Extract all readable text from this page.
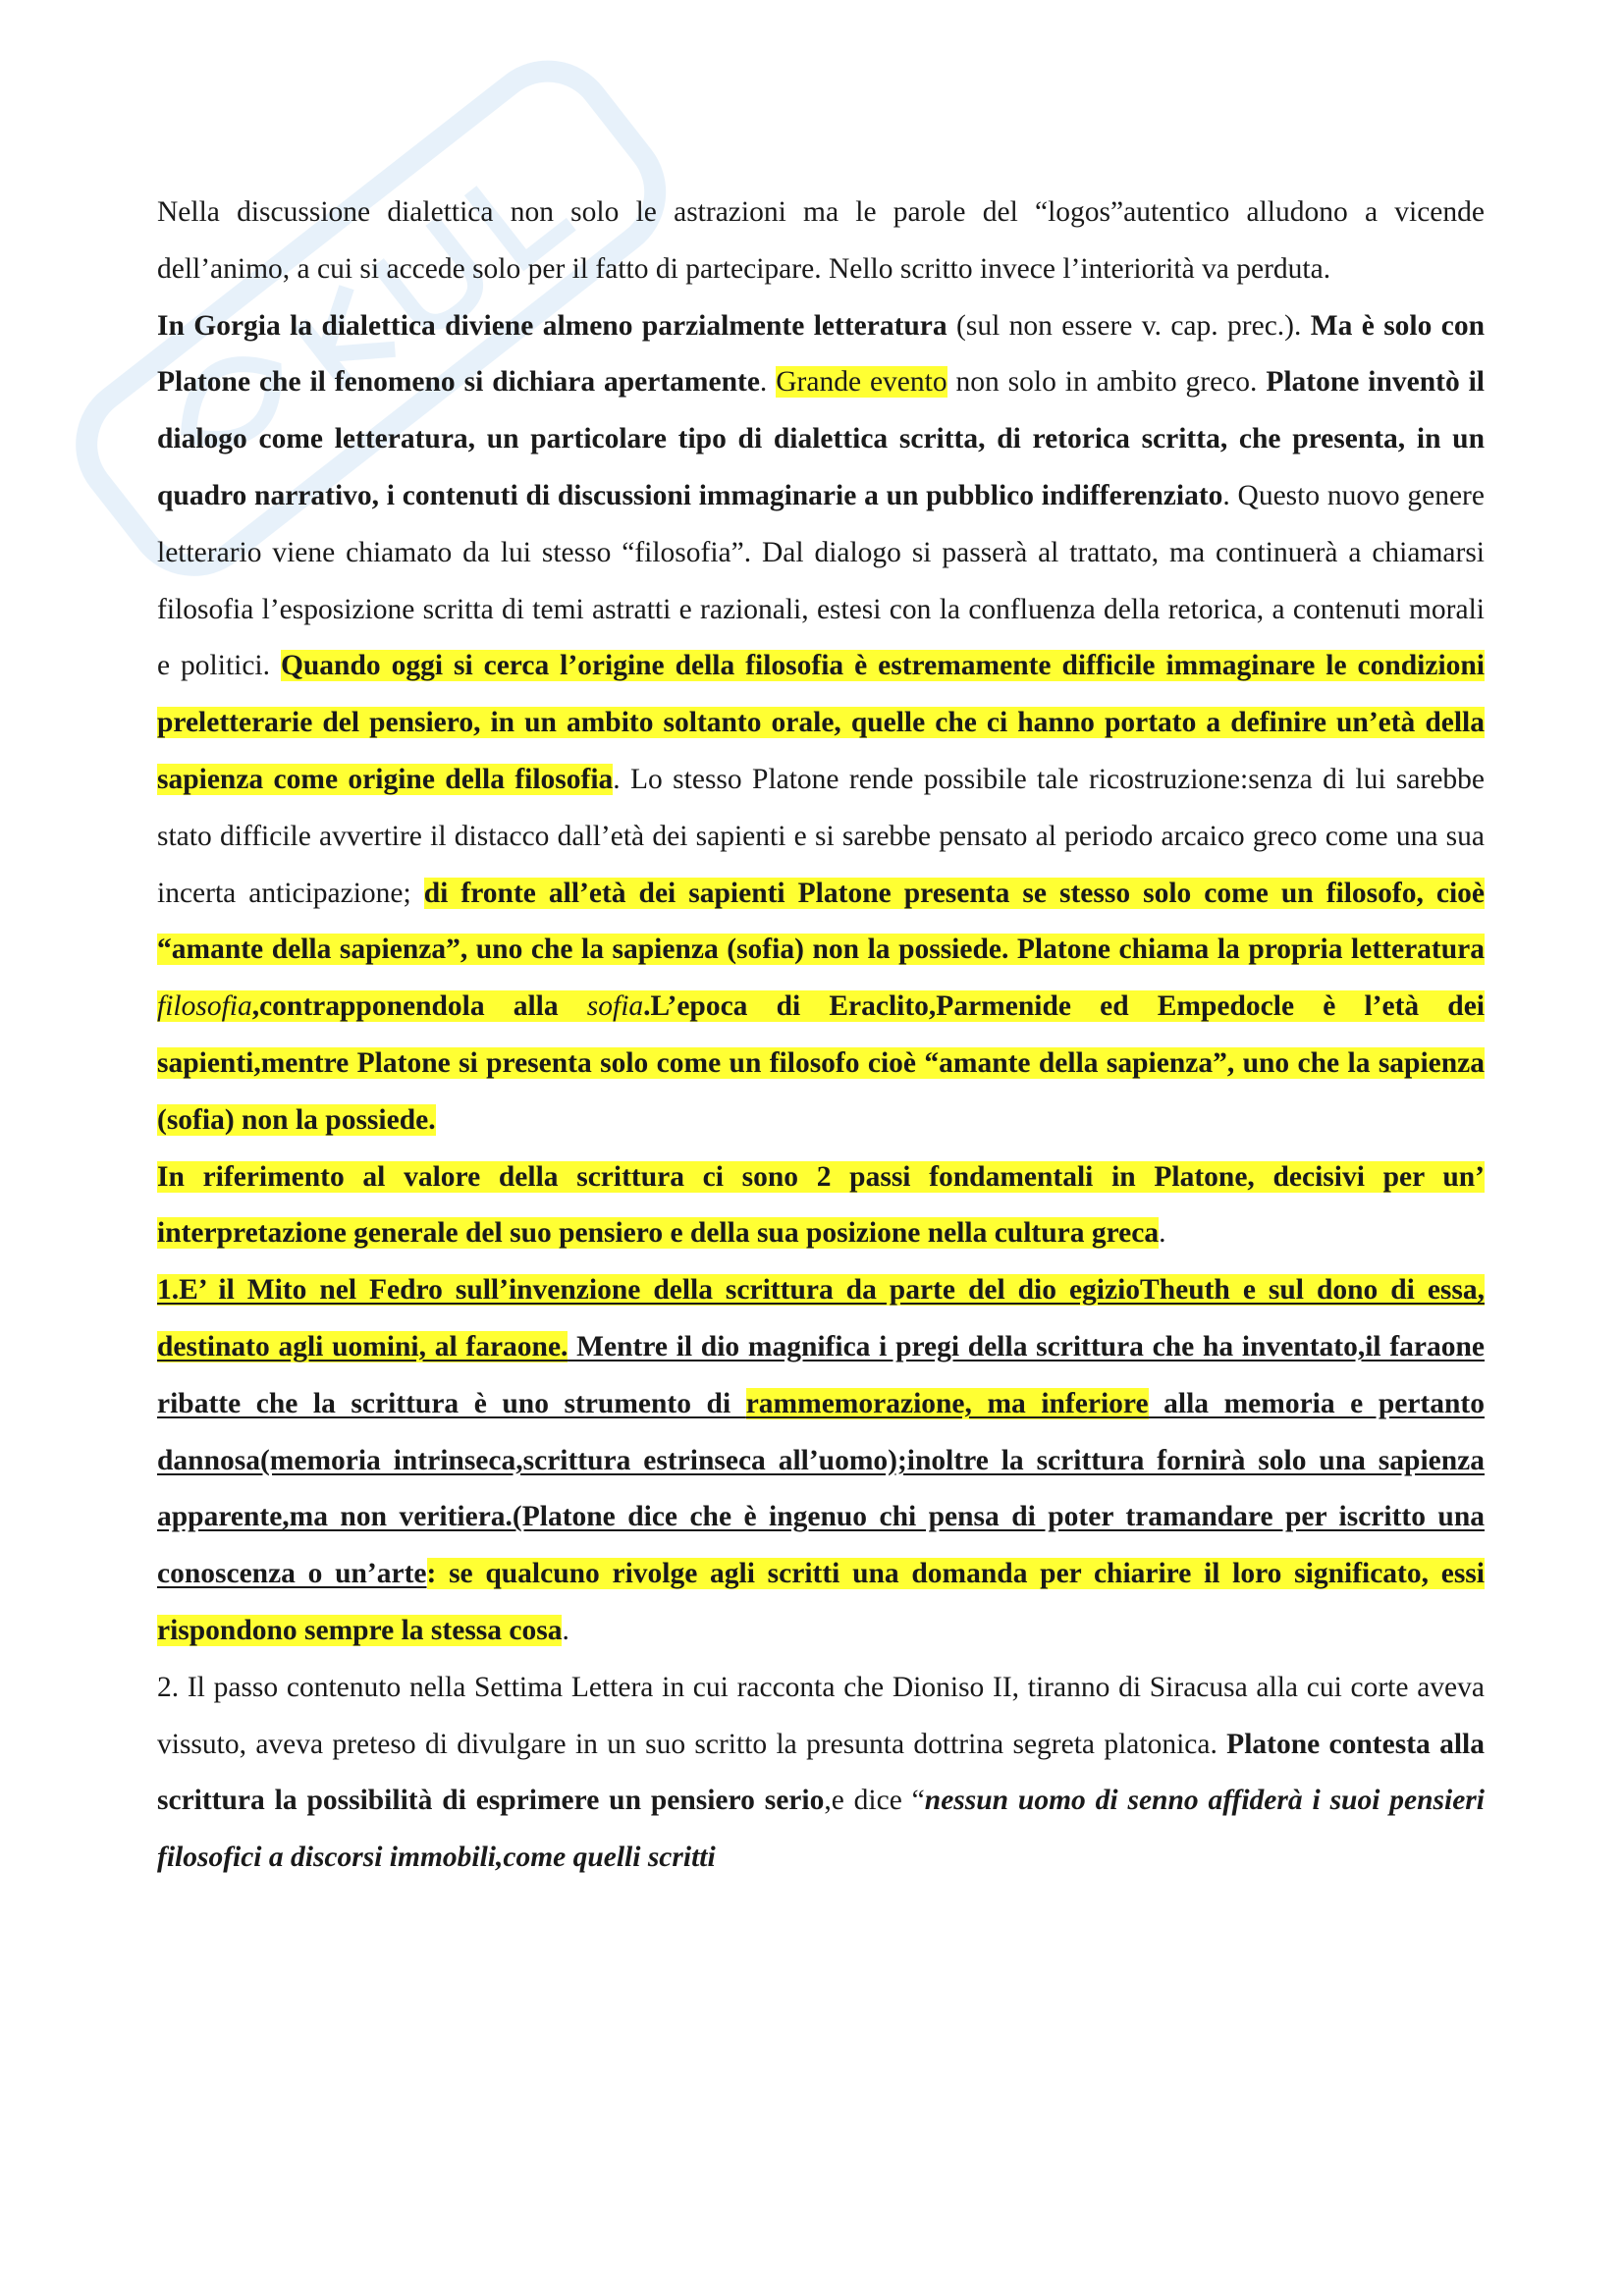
Nella discussione dialettica non solo le astrazioni ma le parole del “logos”autentico alludono a vicende dell’animo, a cui si accede solo per il fatto di partecipare. Nello scritto invece l’interiorità va perduta.

In Gorgia la dialettica diviene almeno parzialmente letteratura (sul non essere v. cap. prec.). Ma è solo con Platone che il fenomeno si dichiara apertamente. Grande evento non solo in ambito greco. Platone inventò il dialogo come letteratura, un particolare tipo di dialettica scritta, di retorica scritta, che presenta, in un quadro narrativo, i contenuti di discussioni immaginarie a un pubblico indifferenziato. Questo nuovo genere letterario viene chiamato da lui stesso “filosofia”. Dal dialogo si passerà al trattato, ma continuerà a chiamarsi filosofia l’esposizione scritta di temi astratti e razionali, estesi con la confluenza della retorica, a contenuti morali e politici. Quando oggi si cerca l’origine della filosofia è estremamente difficile immaginare le condizioni preletterarie del pensiero, in un ambito soltanto orale, quelle che ci hanno portato a definire un’età della sapienza come origine della filosofia. Lo stesso Platone rende possibile tale ricostruzione:senza di lui sarebbe stato difficile avvertire il distacco dall’età dei sapienti e si sarebbe pensato al periodo arcaico greco come una sua incerta anticipazione; di fronte all’età dei sapienti Platone presenta se stesso solo come un filosofo, cioè “amante della sapienza”, uno che la sapienza (sofia) non la possiede. Platone chiama la propria letteratura filosofia,contrapponendola alla sofia.L’epoca di Eraclito,Parmenide ed Empedocle è l’età dei sapienti,mentre Platone si presenta solo come un filosofo cioè “amante della sapienza”, uno che la sapienza (sofia) non la possiede.

In riferimento al valore della scrittura ci sono 2 passi fondamentali in Platone, decisivi per un’ interpretazione generale del suo pensiero e della sua posizione nella cultura greca.

1.E’ il Mito nel Fedro sull’invenzione della scrittura da parte del dio egizioTheuth e sul dono di essa, destinato agli uomini, al faraone. Mentre il dio magnifica i pregi della scrittura che ha inventato,il faraone ribatte che la scrittura è uno strumento di rammemorazione, ma inferiore alla memoria e pertanto dannosa(memoria intrinseca,scrittura estrinseca all’uomo);inoltre la scrittura fornirà solo una sapienza apparente,ma non veritiera.(Platone dice che è ingenuo chi pensa di poter tramandare per iscritto una conoscenza o un’arte: se qualcuno rivolge agli scritti una domanda per chiarire il loro significato, essi rispondono sempre la stessa cosa.

2. Il passo contenuto nella Settima Lettera in cui racconta che Dioniso II, tiranno di Siracusa alla cui corte aveva vissuto, aveva preteso di divulgare in un suo scritto la presunta dottrina segreta platonica. Platone contesta alla scrittura la possibilità di esprimere un pensiero serio,e dice “nessun uomo di senno affiderà i suoi pensieri filosofici a discorsi immobili,come quelli scritti
